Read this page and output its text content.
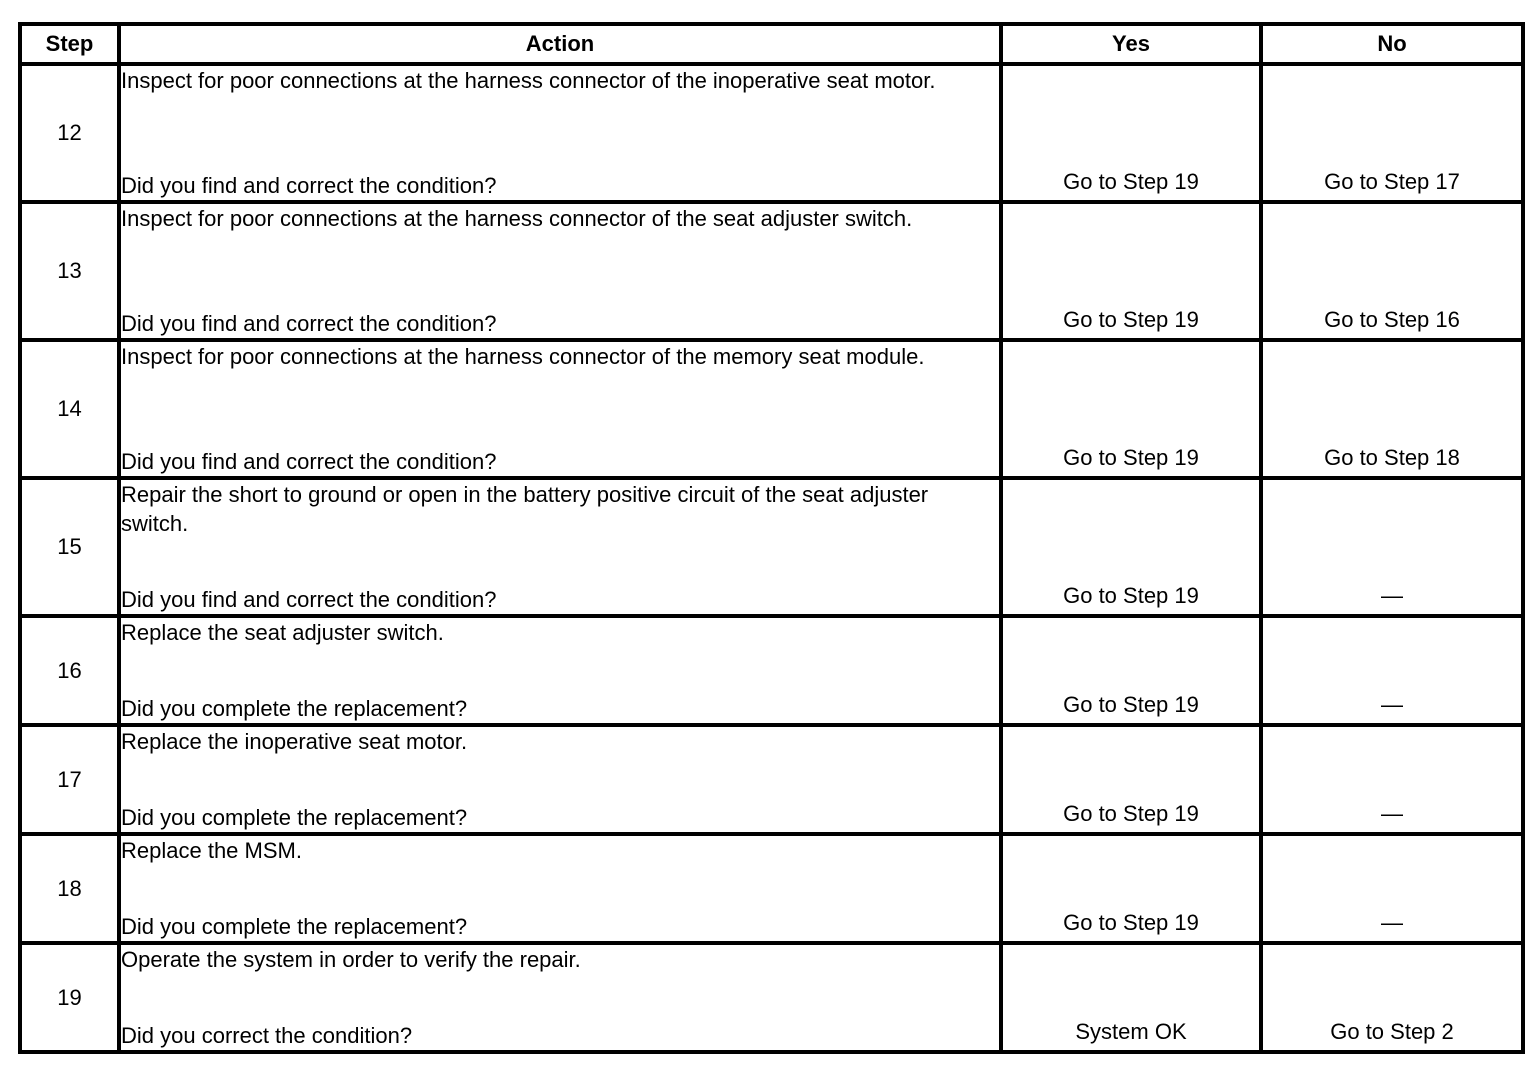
Step	Action	Yes	No
12	Inspect for poor connections at the harness connector of the inoperative seat motor.
Did you find and correct the condition?	Go to Step 19	Go to Step 17

13	Inspect for poor connections at the harness connector of the seat adjuster switch.
Did you find and correct the condition?	Go to Step 19	Go to Step 16

14	Inspect for poor connections at the harness connector of the memory seat module.
Did you find and correct the condition?	Go to Step 19	Go to Step 18

15	Repair the short to ground or open in the battery positive circuit of the seat adjuster switch.
Did you find and correct the condition?	Go to Step 19	—

16	Replace the seat adjuster switch.
Did you complete the replacement?	Go to Step 19	—

17	Replace the inoperative seat motor.
Did you complete the replacement?	Go to Step 19	—

18	Replace the MSM.
Did you complete the replacement?	Go to Step 19	—

19	Operate the system in order to verify the repair.
Did you correct the condition?	System OK	Go to Step 2
